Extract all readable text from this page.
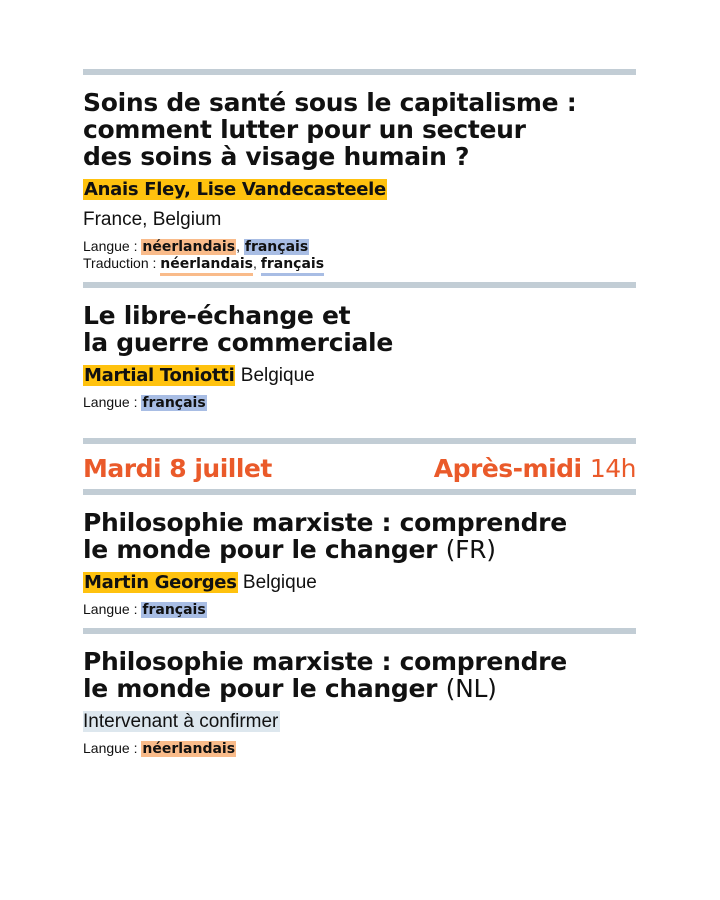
Soins de santé sous le capitalisme :
comment lutter pour un secteur
des soins à visage humain ?
Anais Fley, Lise Vandecasteele
France, Belgium
Langue : néerlandais, français
Traduction : néerlandais, français
Le libre-échange et
la guerre commerciale
Martial Toniotti Belgique
Langue : français
Mardi 8 juillet	Après-midi 14h
Philosophie marxiste : comprendre
le monde pour le changer (FR)
Martin Georges Belgique
Langue : français
Philosophie marxiste : comprendre
le monde pour le changer (NL)
Intervenant à confirmer
Langue : néerlandais
